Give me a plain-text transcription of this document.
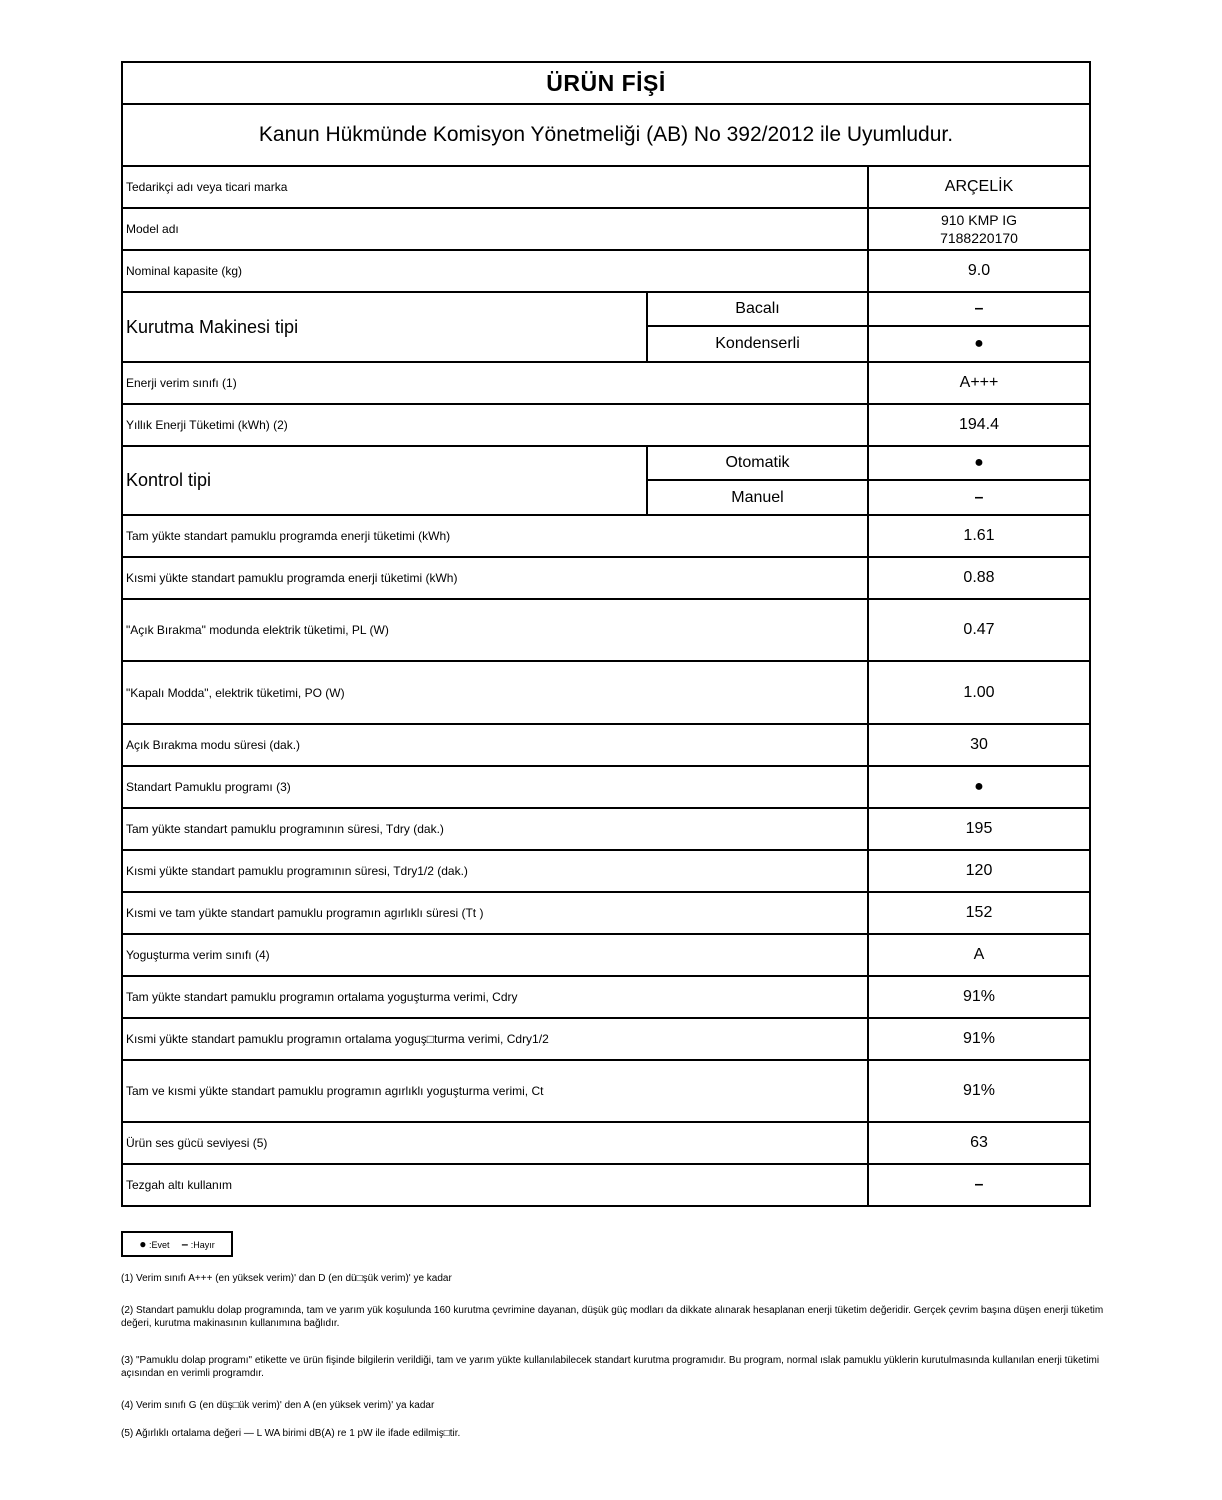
ÜRÜN FİŞİ		
Kanun Hükmünde Komisyon Yönetmeliği (AB) No 392/2012 ile Uyumludur.		
Tedarikçi adı veya ticari marka		ARÇELİK
Model adı		910 KMP IG
7188220170

Nominal kapasite (kg)		9.0
Kurutma Makinesi tipi	Bacalı	–
	Kondenserli	●
Enerji verim sınıfı (1)		A+++
Yıllık Enerji Tüketimi (kWh) (2)		194.4
Kontrol tipi	Otomatik	●
	Manuel	–
Tam yükte standart pamuklu programda enerji tüketimi (kWh)		1.61
Kısmi yükte standart pamuklu programda enerji tüketimi (kWh)		0.88
"Açık Bırakma" modunda elektrik tüketimi, PL (W)		0.47
"Kapalı Modda", elektrik tüketimi, PO (W)		1.00
Açık Bırakma modu süresi (dak.)		30
Standart Pamuklu programı (3)		●
Tam yükte standart pamuklu programının süresi, Tdry (dak.)		195
Kısmi yükte standart pamuklu programının süresi, Tdry1/2 (dak.)		120
Kısmi ve tam yükte standart pamuklu programın agırlıklı süresi (Tt )		152
Yoguşturma verim sınıfı (4)		A
Tam yükte standart pamuklu programın ortalama yoguşturma verimi, Cdry		91%
Kısmi yükte standart pamuklu programın ortalama yoguş□turma verimi, Cdry1/2		91%
Tam ve kısmi yükte standart pamuklu programın agırlıklı yoguşturma verimi, Ct		91%
Ürün ses gücü seviyesi (5)		63
Tezgah altı kullanım		–
● :Evet – :Hayır

(1) Verim sınıfı A+++ (en yüksek verim)' dan D (en dü□şük verim)' ye kadar

(2) Standart pamuklu dolap programında, tam ve yarım yük koşulunda 160 kurutma çevrimine dayanan, düşük güç modları da dikkate alınarak hesaplanan enerji tüketim değeridir. Gerçek çevrim başına düşen enerji tüketim değeri, kurutma makinasının kullanımına bağlıdır.

(3) "Pamuklu dolap programı" etikette ve ürün fişinde bilgilerin verildiği, tam ve yarım yükte kullanılabilecek standart kurutma programıdır. Bu program, normal ıslak pamuklu yüklerin kurutulmasında kullanılan enerji tüketimi açısından en verimli programdır.

(4) Verim sınıfı G (en düş□ük verim)' den A (en yüksek verim)' ya kadar

(5) Ağırlıklı ortalama değeri — L WA birimi dB(A) re 1 pW ile ifade edilmiş□tir.
